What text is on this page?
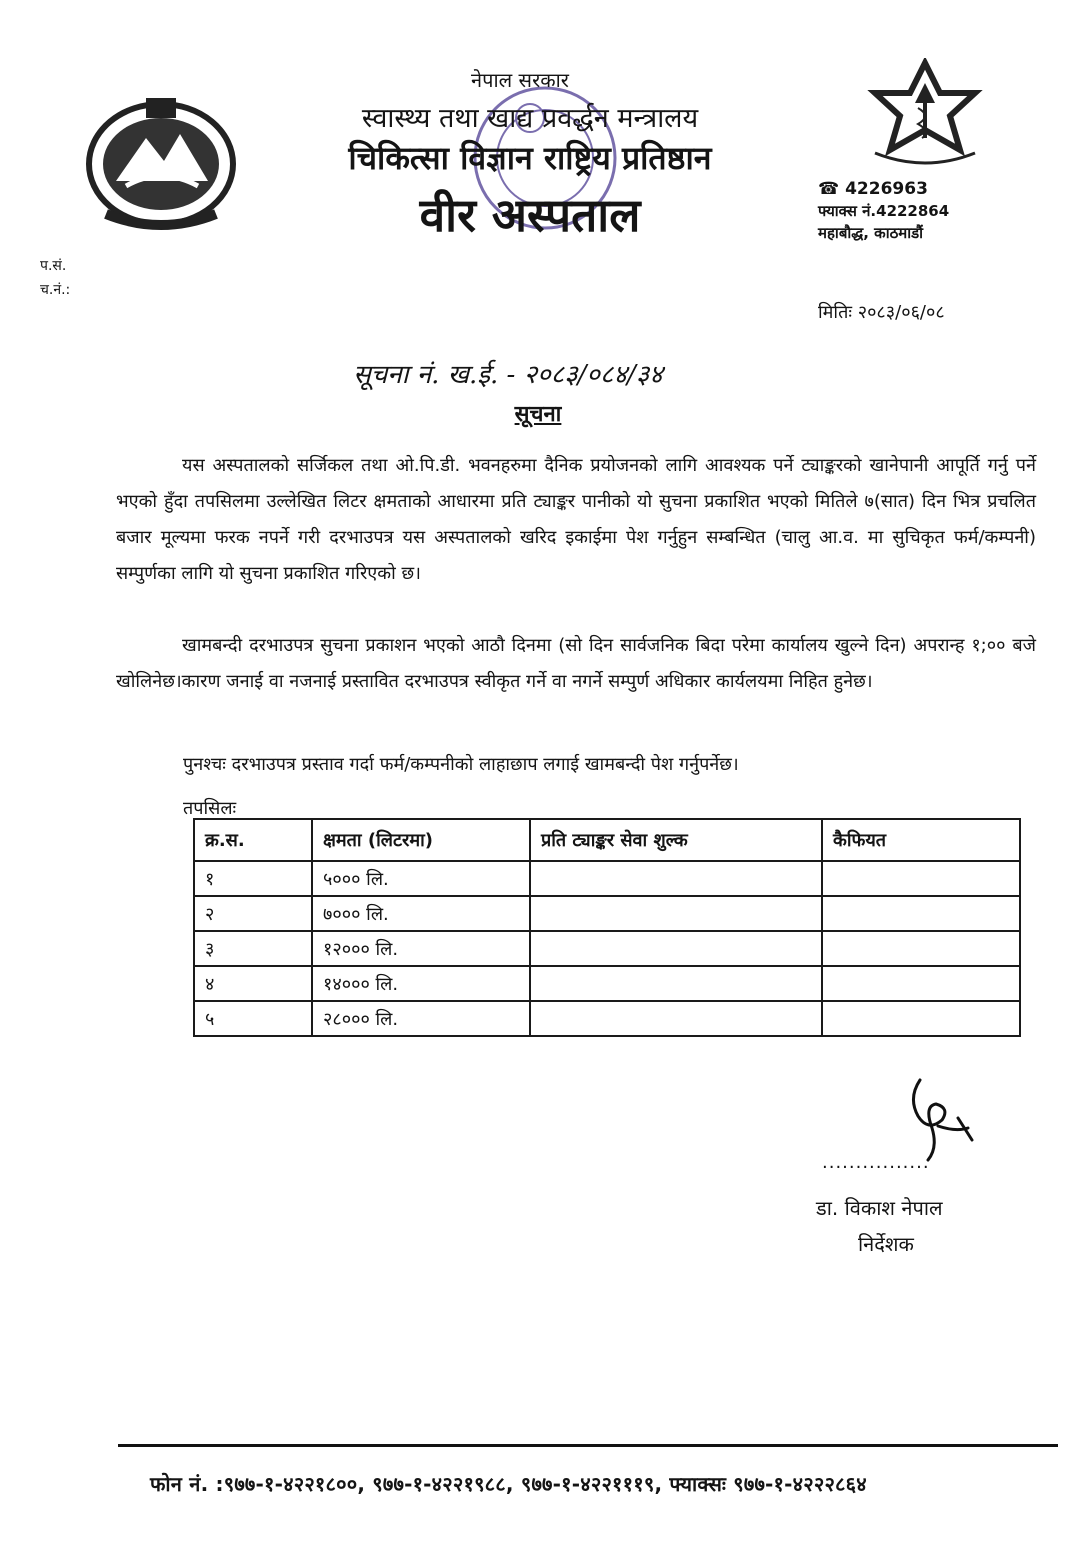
नेपाल सरकार
स्वास्थ्य तथा खाद्य प्रवर्द्धन मन्त्रालय
चिकित्सा विज्ञान राष्ट्रिय प्रतिष्ठान
वीर अस्पताल	☎ 4226963
फ्याक्स नं.4222864
महाबौद्ध, काठमाडौं
प.सं.
च.नं.:
मितिः २०८३/०६/०८
सूचना नं. ख.ई. - २०८३/०८४/३४
सूचना
यस अस्पतालको सर्जिकल तथा ओ.पि.डी. भवनहरुमा दैनिक प्रयोजनको लागि आवश्यक पर्ने ट्याङ्करको खानेपानी आपूर्ति गर्नु पर्ने भएको हुँदा तपसिलमा उल्लेखित लिटर क्षमताको आधारमा प्रति ट्याङ्कर पानीको यो सुचना प्रकाशित भएको मितिले ७(सात) दिन भित्र प्रचलित बजार मूल्यमा फरक नपर्ने गरी दरभाउपत्र यस अस्पतालको खरिद इकाईमा पेश गर्नुहुन सम्बन्धित (चालु आ.व. मा सुचिकृत फर्म/कम्पनी) सम्पुर्णका लागि यो सुचना प्रकाशित गरिएको छ।
खामबन्दी दरभाउपत्र सुचना प्रकाशन भएको आठौ दिनमा (सो दिन सार्वजनिक बिदा परेमा कार्यालय खुल्ने दिन) अपरान्ह १;०० बजे खोलिनेछ।कारण जनाई वा नजनाई प्रस्तावित दरभाउपत्र स्वीकृत गर्ने वा नगर्ने सम्पुर्ण अधिकार कार्यलयमा निहित हुनेछ।
पुनश्चः दरभाउपत्र प्रस्ताव गर्दा फर्म/कम्पनीको लाहाछाप लगाई खामबन्दी पेश गर्नुपर्नेछ।
तपसिलः
क्र.स.	क्षमता (लिटरमा)	प्रति ट्याङ्कर सेवा शुल्क	कैफियत
१	५००० लि.		
२	७००० लि.		
३	१२००० लि.		
४	१४००० लि.		
५	२८००० लि.		
................
डा. विकाश नेपाल
निर्देशक
फोन नं. :९७७-१-४२२१८००, ९७७-१-४२२१९८८, ९७७-१-४२२१११९, फ्याक्सः ९७७-१-४२२२८६४
